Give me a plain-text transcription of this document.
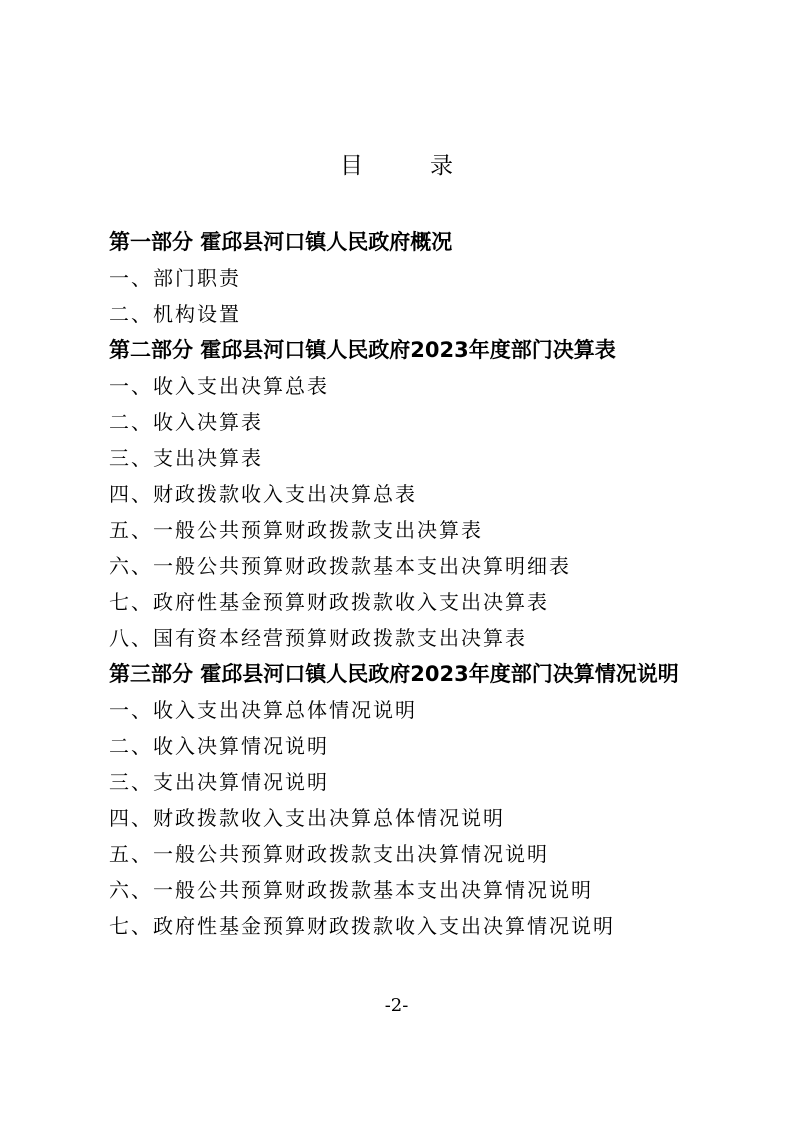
目　录

第一部分 霍邱县河口镇人民政府概况

一、部门职责

二、机构设置

第二部分 霍邱县河口镇人民政府2023年度部门决算表

一、收入支出决算总表

二、收入决算表

三、支出决算表

四、财政拨款收入支出决算总表

五、一般公共预算财政拨款支出决算表

六、一般公共预算财政拨款基本支出决算明细表

七、政府性基金预算财政拨款收入支出决算表

八、国有资本经营预算财政拨款支出决算表

第三部分 霍邱县河口镇人民政府2023年度部门决算情况说明

一、收入支出决算总体情况说明

二、收入决算情况说明

三、支出决算情况说明

四、财政拨款收入支出决算总体情况说明

五、一般公共预算财政拨款支出决算情况说明

六、一般公共预算财政拨款基本支出决算情况说明

七、政府性基金预算财政拨款收入支出决算情况说明

-2-
